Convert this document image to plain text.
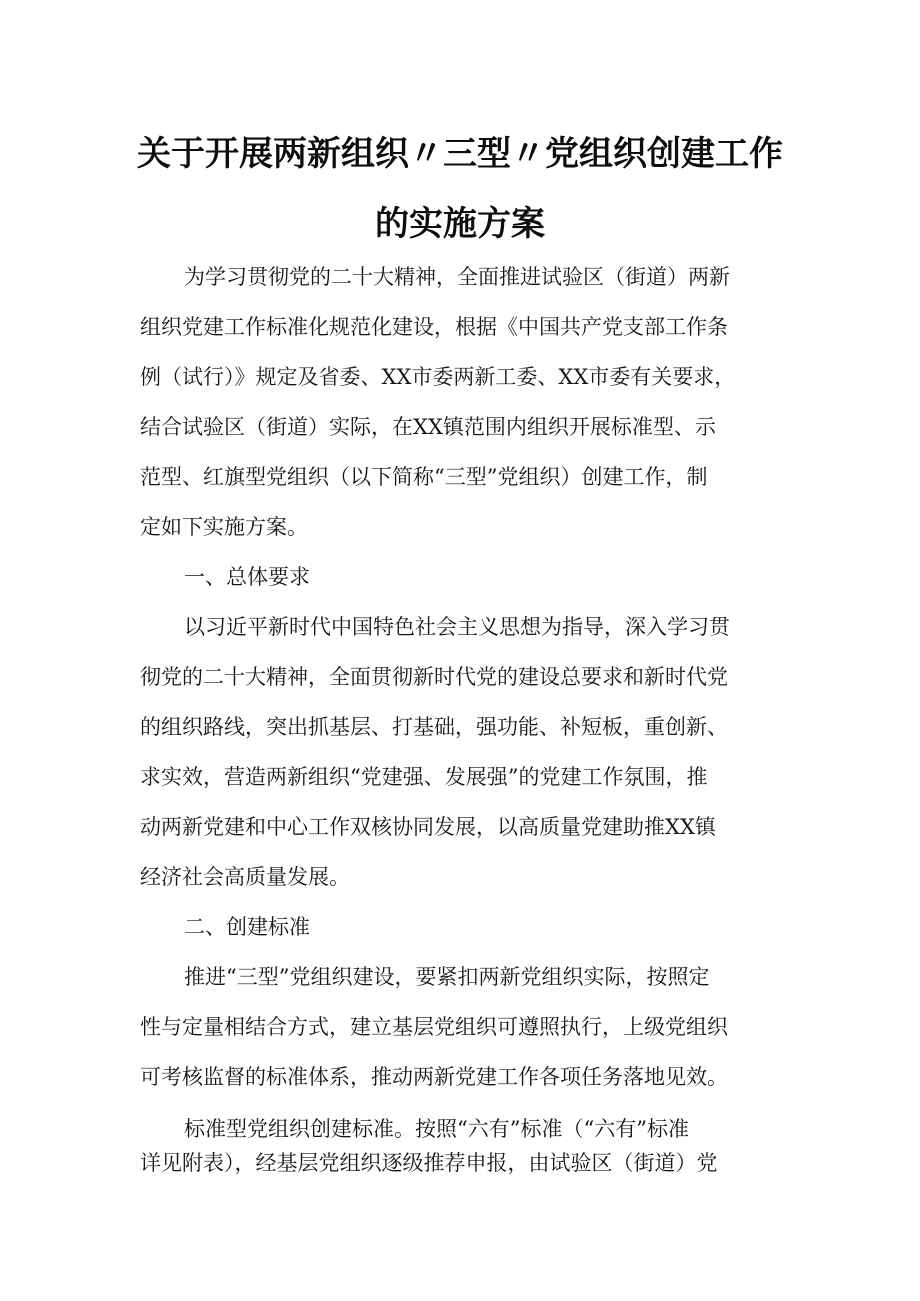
关于开展两新组织〃三型〃党组织创建工作
的实施方案
为学习贯彻党的二十大精神，全面推进试验区（街道）两新
组织党建工作标准化规范化建设，根据《中国共产党支部工作条
例（试行）》规定及省委、XX市委两新工委、XX市委有关要求，
结合试验区（街道）实际，在XX镇范围内组织开展标准型、示
范型、红旗型党组织（以下简称“三型”党组织）创建工作，制
定如下实施方案。
一、总体要求
以习近平新时代中国特色社会主义思想为指导，深入学习贯
彻党的二十大精神，全面贯彻新时代党的建设总要求和新时代党
的组织路线，突出抓基层、打基础，强功能、补短板，重创新、
求实效，营造两新组织“党建强、发展强”的党建工作氛围，推
动两新党建和中心工作双核协同发展，以高质量党建助推XX镇
经济社会高质量发展。
二、创建标准
推进“三型”党组织建设，要紧扣两新党组织实际，按照定
性与定量相结合方式，建立基层党组织可遵照执行，上级党组织
可考核监督的标准体系，推动两新党建工作各项任务落地见效。
标准型党组织创建标准。按照“六有”标准（“六有”标准
详见附表），经基层党组织逐级推荐申报，由试验区（街道）党
